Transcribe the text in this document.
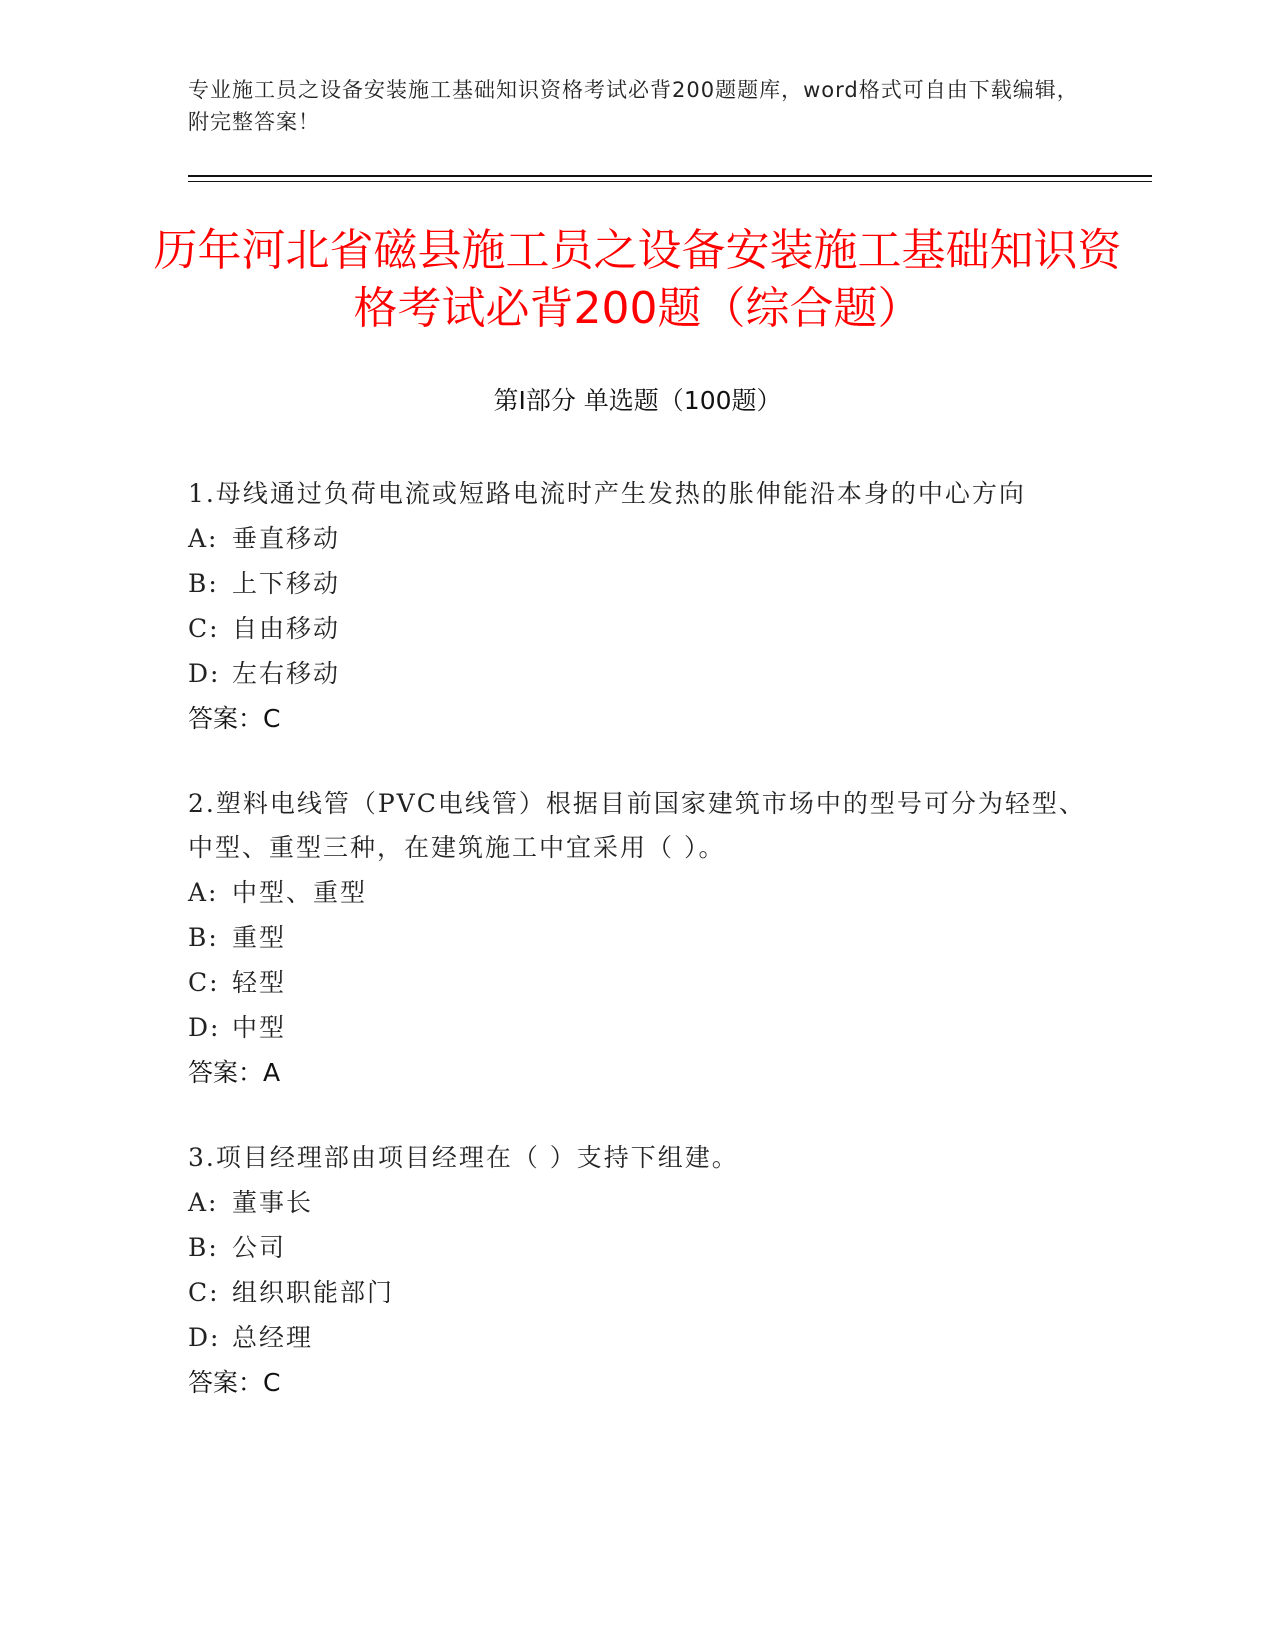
专业施工员之设备安装施工基础知识资格考试必背200题题库，word格式可自由下载编辑，附完整答案！
历年河北省磁县施工员之设备安装施工基础知识资格考试必背200题（综合题）
第Ⅰ部分 单选题（100题）

1.母线通过负荷电流或短路电流时产生发热的胀伸能沿本身的中心方向

A: 垂直移动

B: 上下移动

C: 自由移动

D: 左右移动

答案：C

2.塑料电线管（PVC电线管）根据目前国家建筑市场中的型号可分为轻型、中型、重型三种，在建筑施工中宜采用（ ）。

A: 中型、重型

B: 重型

C: 轻型

D: 中型

答案：A

3.项目经理部由项目经理在（ ）支持下组建。

A: 董事长

B: 公司

C: 组织职能部门

D: 总经理

答案：C
